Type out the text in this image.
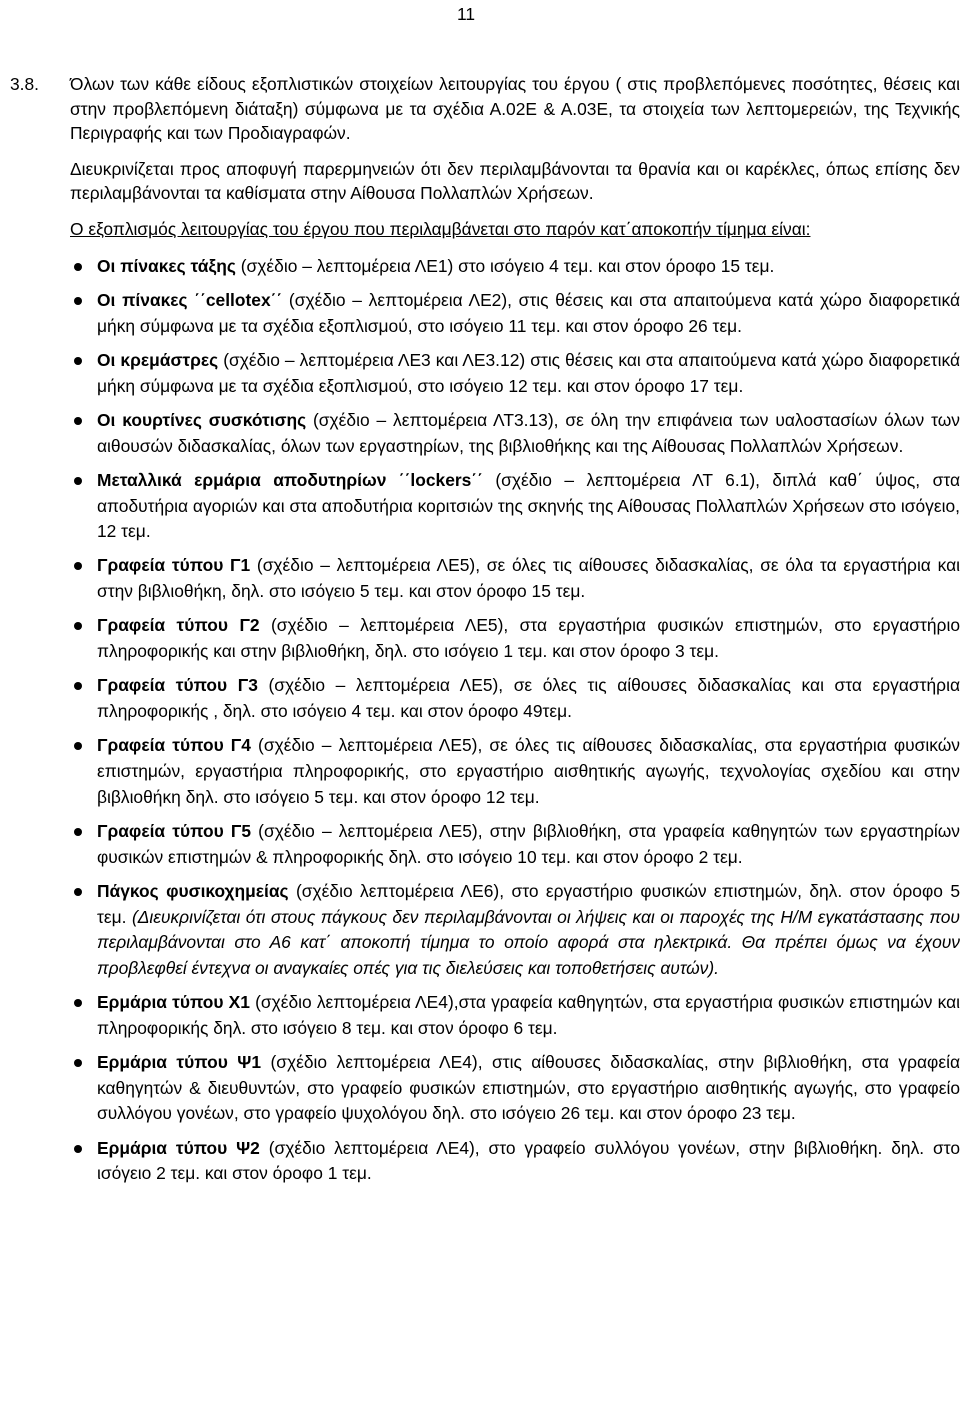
11
3.8. Όλων των κάθε είδους εξοπλιστικών στοιχείων λειτουργίας του έργου ( στις προβλεπόμενες ποσότητες, θέσεις και στην προβλεπόμενη διάταξη) σύμφωνα με τα σχέδια Α.02Ε & Α.03Ε, τα στοιχεία των λεπτομερειών, της Τεχνικής Περιγραφής και των Προδιαγραφών.
Διευκρινίζεται προς αποφυγή παρερμηνειών ότι δεν περιλαμβάνονται τα θρανία και οι καρέκλες, όπως επίσης δεν περιλαμβάνονται τα καθίσματα στην Αίθουσα Πολλαπλών Χρήσεων.
Ο εξοπλισμός λειτουργίας του έργου που περιλαμβάνεται στο παρόν κατ΄αποκοπήν τίμημα είναι:
Οι πίνακες τάξης (σχέδιο – λεπτομέρεια ΛΕ1) στο ισόγειο 4 τεμ. και στον όροφο 15 τεμ.
Οι πίνακες ΄΄cellotex΄΄ (σχέδιο – λεπτομέρεια ΛΕ2), στις θέσεις και στα απαιτούμενα κατά χώρο διαφορετικά μήκη σύμφωνα με τα σχέδια εξοπλισμού, στο ισόγειο 11 τεμ. και στον όροφο 26 τεμ.
Οι κρεμάστρες (σχέδιο – λεπτομέρεια ΛΕ3 και ΛΕ3.12) στις θέσεις και στα απαιτούμενα κατά χώρο διαφορετικά μήκη σύμφωνα με τα σχέδια εξοπλισμού, στο ισόγειο 12 τεμ. και στον όροφο 17 τεμ.
Οι κουρτίνες συσκότισης (σχέδιο – λεπτομέρεια ΛΤ3.13), σε όλη την επιφάνεια των υαλοστασίων όλων των αιθουσών διδασκαλίας, όλων των εργαστηρίων, της βιβλιοθήκης και της Αίθουσας Πολλαπλών Χρήσεων.
Μεταλλικά ερμάρια αποδυτηρίων ΄΄lockers΄΄ (σχέδιο – λεπτομέρεια ΛΤ 6.1), διπλά καθ΄ ύψος, στα αποδυτήρια αγοριών και στα αποδυτήρια κοριτσιών της σκηνής της Αίθουσας Πολλαπλών Χρήσεων στο ισόγειο, 12 τεμ.
Γραφεία τύπου Γ1 (σχέδιο – λεπτομέρεια ΛΕ5), σε όλες τις αίθουσες διδασκαλίας, σε όλα τα εργαστήρια και στην βιβλιοθήκη, δηλ. στο ισόγειο 5 τεμ. και στον όροφο 15 τεμ.
Γραφεία τύπου Γ2 (σχέδιο – λεπτομέρεια ΛΕ5), στα εργαστήρια φυσικών επιστημών, στο εργαστήριο πληροφορικής και στην βιβλιοθήκη, δηλ. στο ισόγειο 1 τεμ. και στον όροφο 3 τεμ.
Γραφεία τύπου Γ3 (σχέδιο – λεπτομέρεια ΛΕ5), σε όλες τις αίθουσες διδασκαλίας και στα εργαστήρια πληροφορικής , δηλ. στο ισόγειο 4 τεμ. και στον όροφο 49τεμ.
Γραφεία τύπου Γ4 (σχέδιο – λεπτομέρεια ΛΕ5), σε όλες τις αίθουσες διδασκαλίας, στα εργαστήρια φυσικών επιστημών, εργαστήρια πληροφορικής, στο εργαστήριο αισθητικής αγωγής, τεχνολογίας σχεδίου και στην βιβλιοθήκη δηλ. στο ισόγειο 5 τεμ. και στον όροφο 12 τεμ.
Γραφεία τύπου Γ5 (σχέδιο – λεπτομέρεια ΛΕ5), στην βιβλιοθήκη, στα γραφεία καθηγητών των εργαστηρίων φυσικών επιστημών & πληροφορικής δηλ. στο ισόγειο 10 τεμ. και στον όροφο 2 τεμ.
Πάγκος φυσικοχημείας (σχέδιο λεπτομέρεια ΛΕ6), στο εργαστήριο φυσικών επιστημών, δηλ. στον όροφο 5 τεμ. (Διευκρινίζεται ότι στους πάγκους δεν περιλαμβάνονται οι λήψεις και οι παροχές της Η/Μ εγκατάστασης που περιλαμβάνονται στο Α6 κατ΄ αποκοπή τίμημα το οποίο αφορά στα ηλεκτρικά. Θα πρέπει όμως να έχουν προβλεφθεί έντεχνα οι αναγκαίες οπές για τις διελεύσεις και τοποθετήσεις αυτών).
Ερμάρια τύπου Χ1 (σχέδιο λεπτομέρεια ΛΕ4),στα γραφεία καθηγητών, στα εργαστήρια φυσικών επιστημών και πληροφορικής δηλ. στο ισόγειο 8 τεμ. και στον όροφο 6 τεμ.
Ερμάρια τύπου Ψ1 (σχέδιο λεπτομέρεια ΛΕ4), στις αίθουσες διδασκαλίας, στην βιβλιοθήκη, στα γραφεία καθηγητών & διευθυντών, στο γραφείο φυσικών επιστημών, στο εργαστήριο αισθητικής αγωγής, στο γραφείο συλλόγου γονέων, στο γραφείο ψυχολόγου δηλ. στο ισόγειο 26 τεμ. και στον όροφο 23 τεμ.
Ερμάρια τύπου Ψ2 (σχέδιο λεπτομέρεια ΛΕ4), στο γραφείο συλλόγου γονέων, στην βιβλιοθήκη. δηλ. στο ισόγειο 2 τεμ. και στον όροφο 1 τεμ.
